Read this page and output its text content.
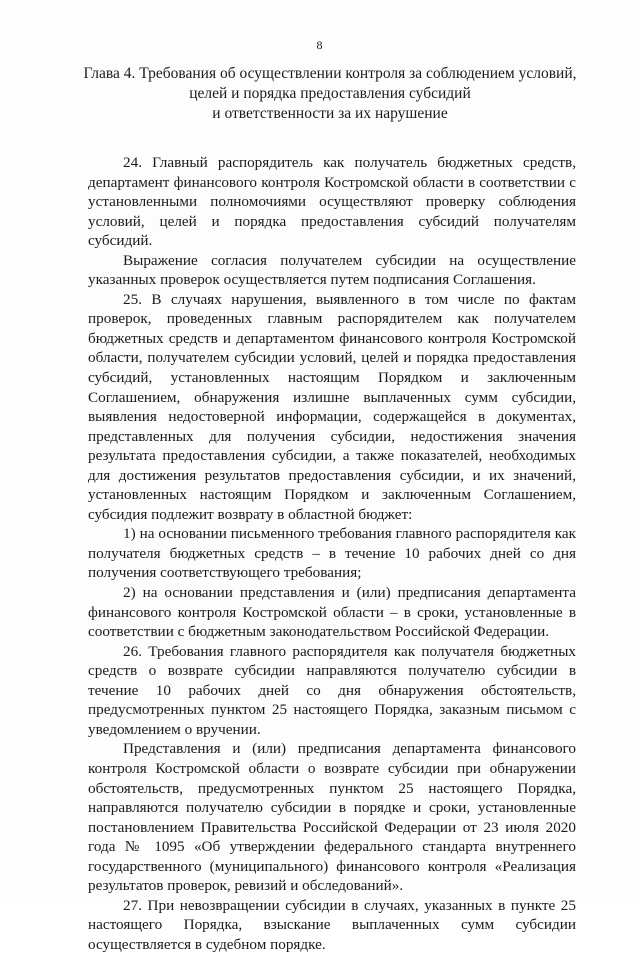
8
Глава 4. Требования об осуществлении контроля за соблюдением условий,
целей и порядка предоставления субсидий
и ответственности за их нарушение

24. Главный распорядитель как получатель бюджетных средств, департамент финансового контроля Костромской области в соответствии с установленными полномочиями осуществляют проверку соблюдения условий, целей и порядка предоставления субсидий получателям субсидий.

Выражение согласия получателем субсидии на осуществление указанных проверок осуществляется путем подписания Соглашения.

25. В случаях нарушения, выявленного в том числе по фактам проверок, проведенных главным распорядителем как получателем бюджетных средств и департаментом финансового контроля Костромской области, получателем субсидии условий, целей и порядка предоставления субсидий, установленных настоящим Порядком и заключенным Соглашением, обнаружения излишне выплаченных сумм субсидии, выявления недостоверной информации, содержащейся в документах, представленных для получения субсидии, недостижения значения результата предоставления субсидии, а также показателей, необходимых для достижения результатов предоставления субсидии, и их значений, установленных настоящим Порядком и заключенным Соглашением, субсидия подлежит возврату в областной бюджет:

1) на основании письменного требования главного распорядителя как получателя бюджетных средств – в течение 10 рабочих дней со дня получения соответствующего требования;

2) на основании представления и (или) предписания департамента финансового контроля Костромской области – в сроки, установленные в соответствии с бюджетным законодательством Российской Федерации.

26. Требования главного распорядителя как получателя бюджетных средств о возврате субсидии направляются получателю субсидии в течение 10 рабочих дней со дня обнаружения обстоятельств, предусмотренных пунктом 25 настоящего Порядка, заказным письмом с уведомлением о вручении.

Представления и (или) предписания департамента финансового контроля Костромской области о возврате субсидии при обнаружении обстоятельств, предусмотренных пунктом 25 настоящего Порядка, направляются получателю субсидии в порядке и сроки, установленные постановлением Правительства Российской Федерации от 23 июля 2020 года № 1095 «Об утверждении федерального стандарта внутреннего государственного (муниципального) финансового контроля «Реализация результатов проверок, ревизий и обследований».

27. При невозвращении субсидии в случаях, указанных в пункте 25 настоящего Порядка, взыскание выплаченных сумм субсидии осуществляется в судебном порядке.
